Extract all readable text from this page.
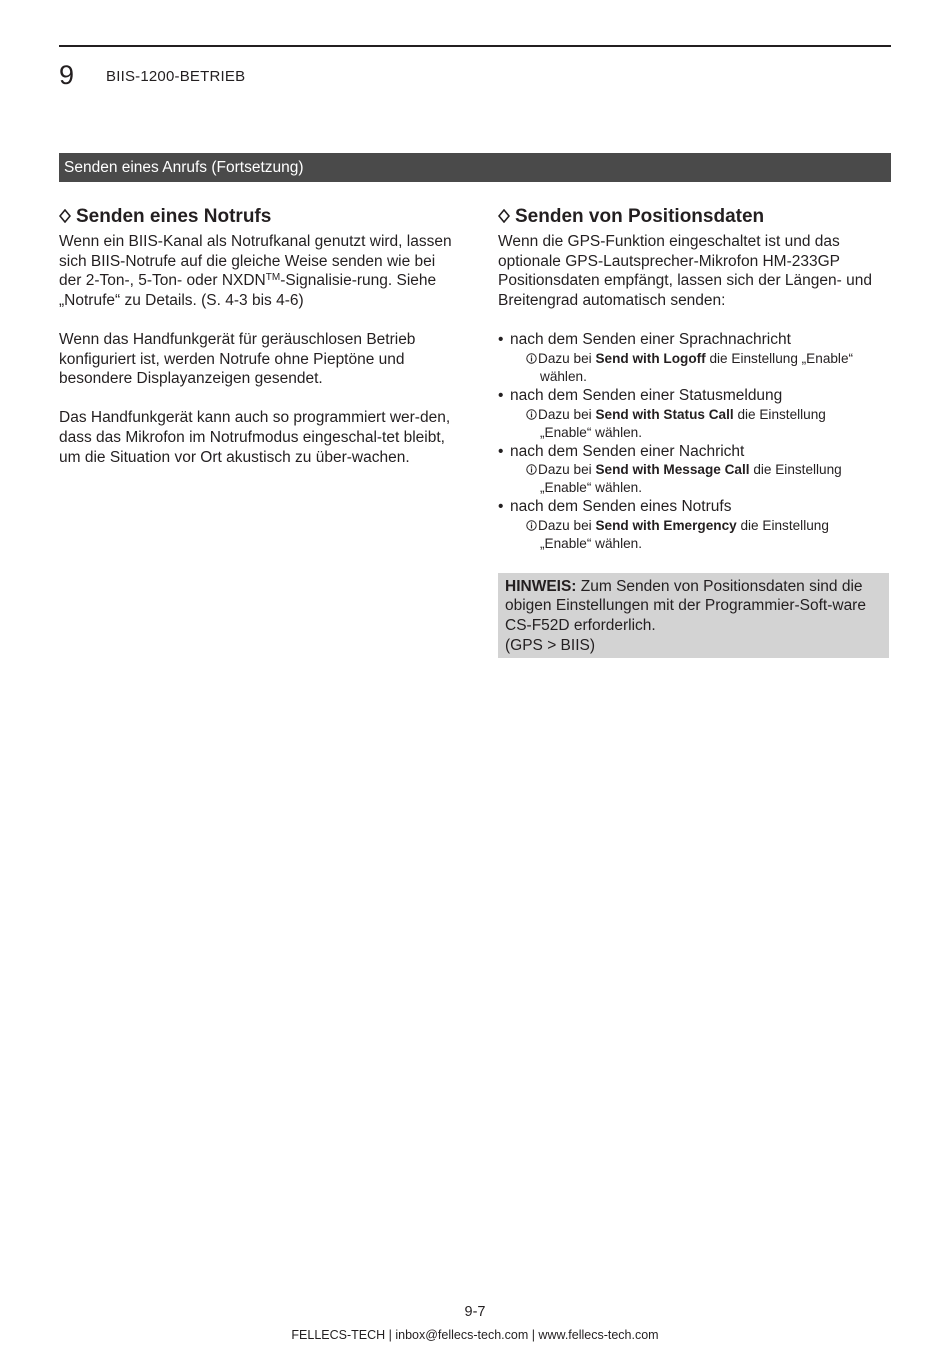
9 BIIS-1200-BETRIEB
Senden eines Anrufs (Fortsetzung)
Senden eines Notrufs

Wenn ein BIIS-Kanal als Notrufkanal genutzt wird, lassen sich BIIS-Notrufe auf die gleiche Weise senden wie bei der 2-Ton-, 5-Ton- oder NXDN™-Signalisie-rung. Siehe „Notrufe“ zu Details. (S. 4-3 bis 4-6)

Wenn das Handfunkgerät für geräuschlosen Betrieb konfiguriert ist, werden Notrufe ohne Pieptöne und besondere Displayanzeigen gesendet.

Das Handfunkgerät kann auch so programmiert wer-den, dass das Mikrofon im Notrufmodus eingeschal-tet bleibt, um die Situation vor Ort akustisch zu über-wachen.

Senden von Positionsdaten

Wenn die GPS-Funktion eingeschaltet ist und das optionale GPS-Lautsprecher-Mikrofon HM-233GP Positionsdaten empfängt, lassen sich der Längen- und Breitengrad automatisch senden:

• nach dem Senden einer Sprachnachricht
Dazu bei Send with Logoff die Einstellung „Enable“
wählen.
• nach dem Senden einer Statusmeldung
Dazu bei Send with Status Call die Einstellung
„Enable“ wählen.
• nach dem Senden einer Nachricht
Dazu bei Send with Message Call die Einstellung
„Enable“ wählen.
• nach dem Senden eines Notrufs
Dazu bei Send with Emergency die Einstellung
„Enable“ wählen.
HINWEIS: Zum Senden von Positionsdaten sind die obigen Einstellungen mit der Programmier-Soft-ware CS-F52D erforderlich.
(GPS > BIIS)
9-7
FELLECS-TECH | inbox@fellecs-tech.com | www.fellecs-tech.com
